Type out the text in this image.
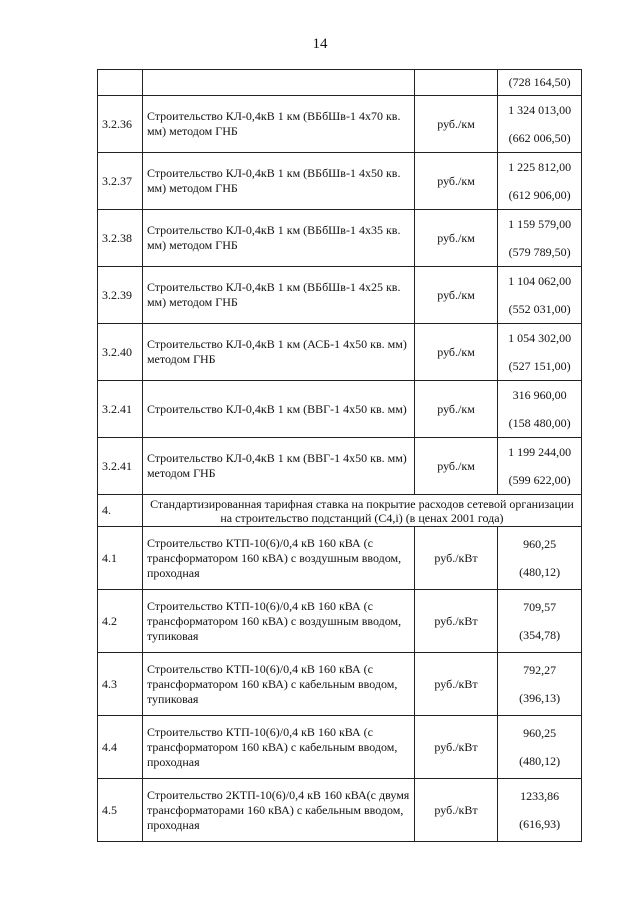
14

			(728 164,50)

3.2.36	Строительство КЛ-0,4кВ 1 км (ВБбШв-1 4х70 кв. мм) методом ГНБ	руб./км	1 324 013,00
(662 006,50)

3.2.37	Строительство КЛ-0,4кВ 1 км (ВБбШв-1 4х50 кв. мм) методом ГНБ	руб./км	1 225 812,00
(612 906,00)

3.2.38	Строительство КЛ-0,4кВ 1 км (ВБбШв-1 4х35 кв. мм) методом ГНБ	руб./км	1 159 579,00
(579 789,50)

3.2.39	Строительство КЛ-0,4кВ 1 км (ВБбШв-1 4х25 кв. мм) методом ГНБ	руб./км	1 104 062,00
(552 031,00)

3.2.40	Строительство КЛ-0,4кВ 1 км (АСБ-1 4х50 кв. мм) методом ГНБ	руб./км	1 054 302,00
(527 151,00)

3.2.41	Строительство КЛ-0,4кВ 1 км (ВВГ-1 4х50 кв. мм)	руб./км	316 960,00
(158 480,00)

3.2.41	Строительство КЛ-0,4кВ 1 км (ВВГ-1 4х50 кв. мм) методом ГНБ	руб./км	1 199 244,00
(599 622,00)

4.	Стандартизированная тарифная ставка на покрытие расходов сетевой организации на строительство подстанций (С4,i) (в ценах 2001 года)		
4.1	Строительство КТП-10(6)/0,4 кВ 160 кВА (с трансформатором 160 кВА) с воздушным вводом, проходная	руб./кВт	960,25
(480,12)

4.2	Строительство КТП-10(6)/0,4 кВ 160 кВА (с трансформатором 160 кВА) с воздушным вводом, тупиковая	руб./кВт	709,57
(354,78)

4.3	Строительство КТП-10(6)/0,4 кВ 160 кВА (с трансформатором 160 кВА) с кабельным вводом, тупиковая	руб./кВт	792,27
(396,13)

4.4	Строительство КТП-10(6)/0,4 кВ 160 кВА (с трансформатором 160 кВА) с кабельным вводом, проходная	руб./кВт	960,25
(480,12)

4.5	Строительство 2КТП-10(6)/0,4 кВ 160 кВА(с двумя трансформаторами 160 кВА) с кабельным вводом, проходная	руб./кВт	1233,86
(616,93)
